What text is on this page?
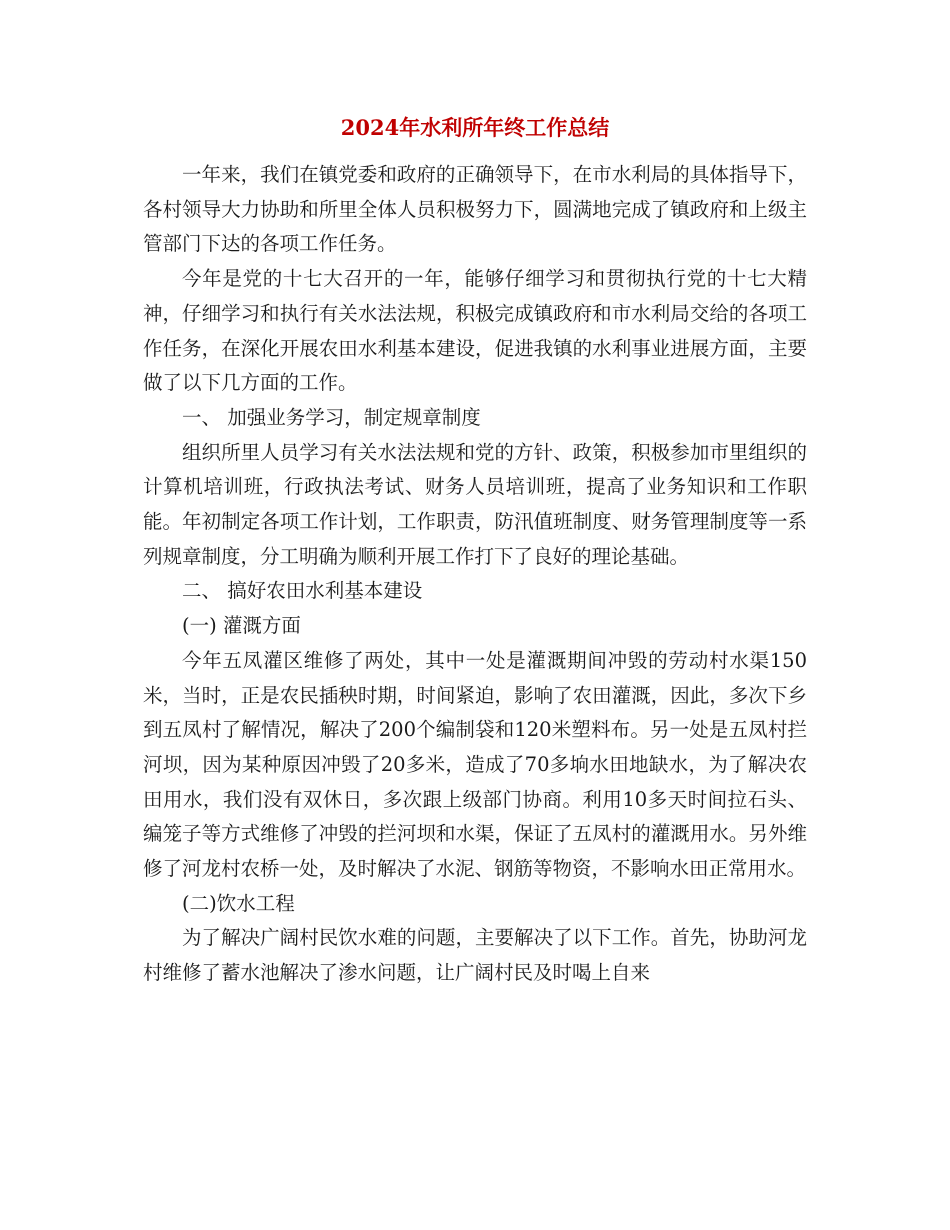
2024年水利所年终工作总结

一年来，我们在镇党委和政府的正确领导下，在市水利局的具体指导下，各村领导大力协助和所里全体人员积极努力下，圆满地完成了镇政府和上级主管部门下达的各项工作任务。

今年是党的十七大召开的一年，能够仔细学习和贯彻执行党的十七大精神，仔细学习和执行有关水法法规，积极完成镇政府和市水利局交给的各项工作任务，在深化开展农田水利基本建设，促进我镇的水利事业进展方面，主要做了以下几方面的工作。

一、 加强业务学习，制定规章制度

组织所里人员学习有关水法法规和党的方针、政策，积极参加市里组织的计算机培训班，行政执法考试、财务人员培训班，提高了业务知识和工作职能。年初制定各项工作计划，工作职责，防汛值班制度、财务管理制度等一系列规章制度，分工明确为顺利开展工作打下了良好的理论基础。

二、 搞好农田水利基本建设

(一) 灌溉方面

今年五凤灌区维修了两处，其中一处是灌溉期间冲毁的劳动村水渠150米，当时，正是农民插秧时期，时间紧迫，影响了农田灌溉，因此，多次下乡到五凤村了解情况，解决了200个编制袋和120米塑料布。另一处是五凤村拦河坝，因为某种原因冲毁了20多米，造成了70多垧水田地缺水，为了解决农田用水，我们没有双休日，多次跟上级部门协商。利用10多天时间拉石头、编笼子等方式维修了冲毁的拦河坝和水渠，保证了五凤村的灌溉用水。另外维修了河龙村农桥一处，及时解决了水泥、钢筋等物资，不影响水田正常用水。

(二)饮水工程

为了解决广阔村民饮水难的问题，主要解决了以下工作。首先，协助河龙村维修了蓄水池解决了渗水问题，让广阔村民及时喝上自来
